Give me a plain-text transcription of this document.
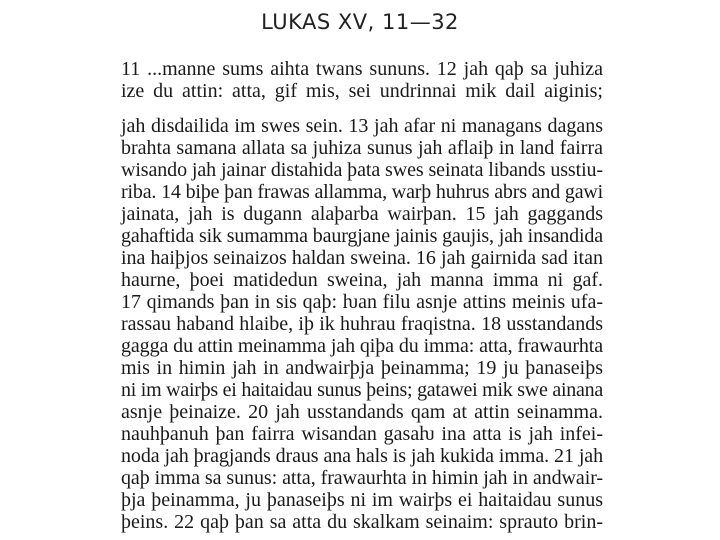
LUKAS XV, 11—32
11 ...manne sums aihta twans sununs. 12 jah qaþ sa juhiza
ize du attin: atta, gif mis, sei undrinnai mik dail aiginis;
jah disdailida im swes sein. 13 jah afar ni managans dagans
brahta samana allata sa juhiza sunus jah aflaiþ in land fairra
wisando jah jainar distahida þata swes seinata libands usstiu-
riba. 14 biþe þan frawas allamma, warþ huhrus abrs and gawi
jainata, jah is dugann alaþarba wairþan. 15 jah gaggands
gahaftida sik sumamma baurgjane jainis gaujis, jah insandida
ina haiþjos seinaizos haldan sweina. 16 jah gairnida sad itan
haurne, þoei matidedun sweina, jah manna imma ni gaf.
17 qimands þan in sis qaþ: ƕan filu asnje attins meinis ufa-
rassau haband hlaibe, iþ ik huhrau fraqistna. 18 usstandands
gagga du attin meinamma jah qiþa du imma: atta, frawaurhta
mis in himin jah in andwairþja þeinamma; 19 ju þanaseiþs
ni im wairþs ei haitaidau sunus þeins; gatawei mik swe ainana
asnje þeinaize. 20 jah usstandands qam at attin seinamma.
nauhþanuh þan fairra wisandan gasaƕ ina atta is jah infei-
noda jah þragjands draus ana hals is jah kukida imma. 21 jah
qaþ imma sa sunus: atta, frawaurhta in himin jah in andwair-
þja þeinamma, ju þanaseiþs ni im wairþs ei haitaidau sunus
þeins. 22 qaþ þan sa atta du skalkam seinaim: sprauto brin-
